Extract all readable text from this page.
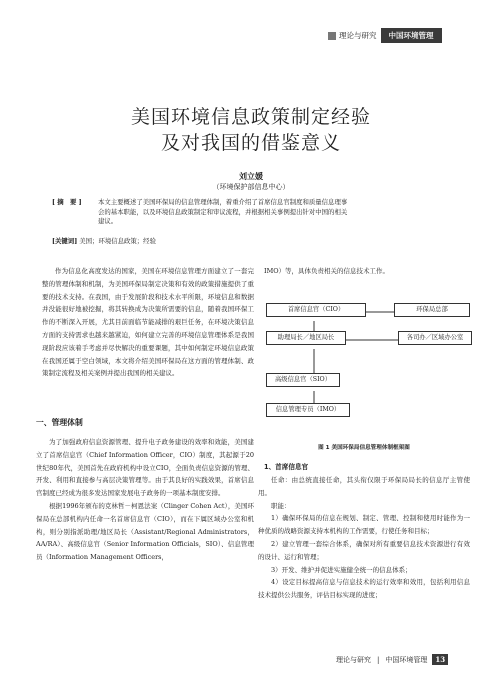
理论与研究 中国环境管理
美国环境信息政策制定经验
及对我国的借鉴意义
刘立媛
（环境保护部信息中心）
[ 摘　要 ]	本文主要概述了美国环保局的信息管理体制，着重介绍了首席信息官制度和质量信息理事
会的基本职能，以及环境信息政策制定和审议流程，并根据相关事例提出针对中国的相关
建议。
[关键词] 美国；环境信息政策；经验

作为信息化高度发达的国家，美国在环境信息管理方面建立了一套完整的管理体制和机制，为美国环保局制定决策和有效的政策措施提供了重要的技术支持。在我国，由于发展阶段和技术水平所限，环境信息和数据并没能很好地被挖掘，将其转换成为决策所需要的信息，随着我国环保工作的不断深入开展，尤其目前面临节能减排的艰巨任务，在环境决策信息方面的支持需求也越来越紧迫，如何建立完善的环境信息管理体系是我国现阶段应该着手考虑并尽快解决的重要课题，其中如何制定环境信息政策在我国还属于空白领域，本文将介绍美国环保局在这方面的管理体制、政策制定流程及相关案例并提出我国的相关建议。

IMO）等，具体负责相关的信息技术工作。

首席信息官（CIO）	环保局总部
助理局长／地区局长	各司办／区域办公室
高级信息官（SIO）
信息管理专员（IMO）
图 1 美国环保局信息管理体制框架图
一、管理体制

为了加强政府信息资源管理、提升电子政务建设的效率和效能，美国建立了首席信息官（Chief Information Officer，CIO）制度，其起源于20世纪80年代，美国首先在政府机构中设立CIO，全面负责信息资源的管理、开发、利用和直接参与高层决策管理等。由于其良好的实践效果，首席信息官制度已经成为很多发达国家发展电子政务的一项基本制度安排。

根据1996年颁布的克林哲－柯恩法案（Clinger Cohen Act），美国环保局在总部机构内任命一名首席信息官（CIO），而在下属区域办公室和机构，则分别指派助理/地区局长（Assistant/Regional Administrators，AA/RA）、高级信息官（Senior Information Officials，SIO）、信息管理员（Information Management Officers，

1、首席信息官

任命：由总统直接任命，其头衔仅限于环保局局长的信息厅主管使用。

职能：

1）确保环保局的信息在规划、制定、管理、控制和使用时能作为一种优质的战略资源支持本机构的工作需要，行使任务和目标；

2）建立管理一套综合体系，确保对所有重要信息技术资源进行有效的设计、运行和管理；

3）开发、维护并促进实施健全统一的信息体系；

4）设定目标提高信息与信息技术的运行效率和效用，包括利用信息技术提供公共服务，评估目标实现的进度；

理论与研究 | 中国环境管理 13
